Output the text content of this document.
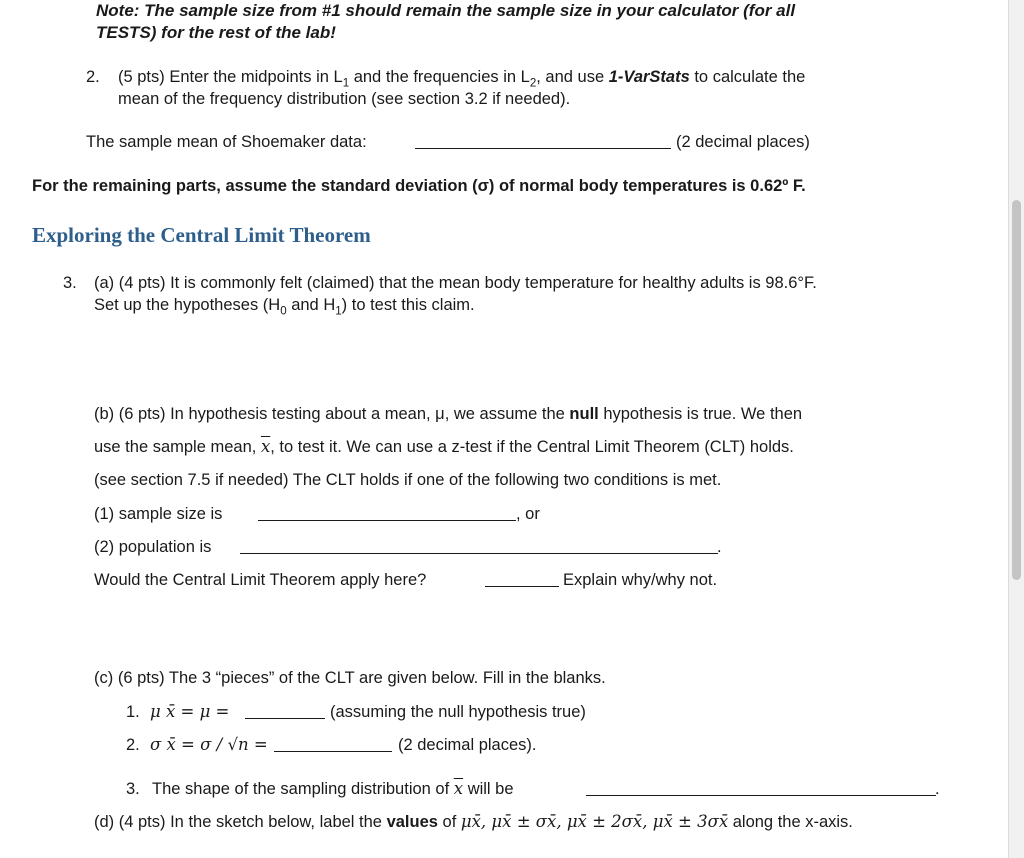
Note: The sample size from #1 should remain the sample size in your calculator (for all
TESTS) for the rest of the lab!
2. (5 pts) Enter the midpoints in $L_1$ and the frequencies in $L_2$, and use 1-VarStats to calculate the
mean of the frequency distribution (see section 3.2 if needed).
The sample mean of Shoemaker data:	(2 decimal places)
For the remaining parts, assume the standard deviation (σ) of normal body temperatures is 0.62º F.
Exploring the Central Limit Theorem
3. (a) (4 pts) It is commonly felt (claimed) that the mean body temperature for healthy adults is 98.6°F.
Set up the hypotheses ($H_0$ and $H_1$) to test this claim.
(b) (6 pts) In hypothesis testing about a mean, μ, we assume the null hypothesis is true. We then
use the sample mean, $\overline{x}$, to test it. We can use a z-test if the Central Limit Theorem (CLT) holds.
(see section 7.5 if needed) The CLT holds if one of the following two conditions is met.
(1) sample size is	, or
(2) population is	.
Would the Central Limit Theorem apply here?	Explain why/why not.
(c) (6 pts) The 3 “pieces” of the CLT are given below. Fill in the blanks.
1. μ x̄ = μ =	(assuming the null hypothesis true)
2. σ x̄ = σ / √n =	(2 decimal places).
3. The shape of the sampling distribution of $\overline{x}$ will be	.
(d) (4 pts) In the sketch below, label the values of μx̄, μx̄ ± σx̄, μx̄ ± 2σx̄, μx̄ ± 3σx̄ along the x-axis.
